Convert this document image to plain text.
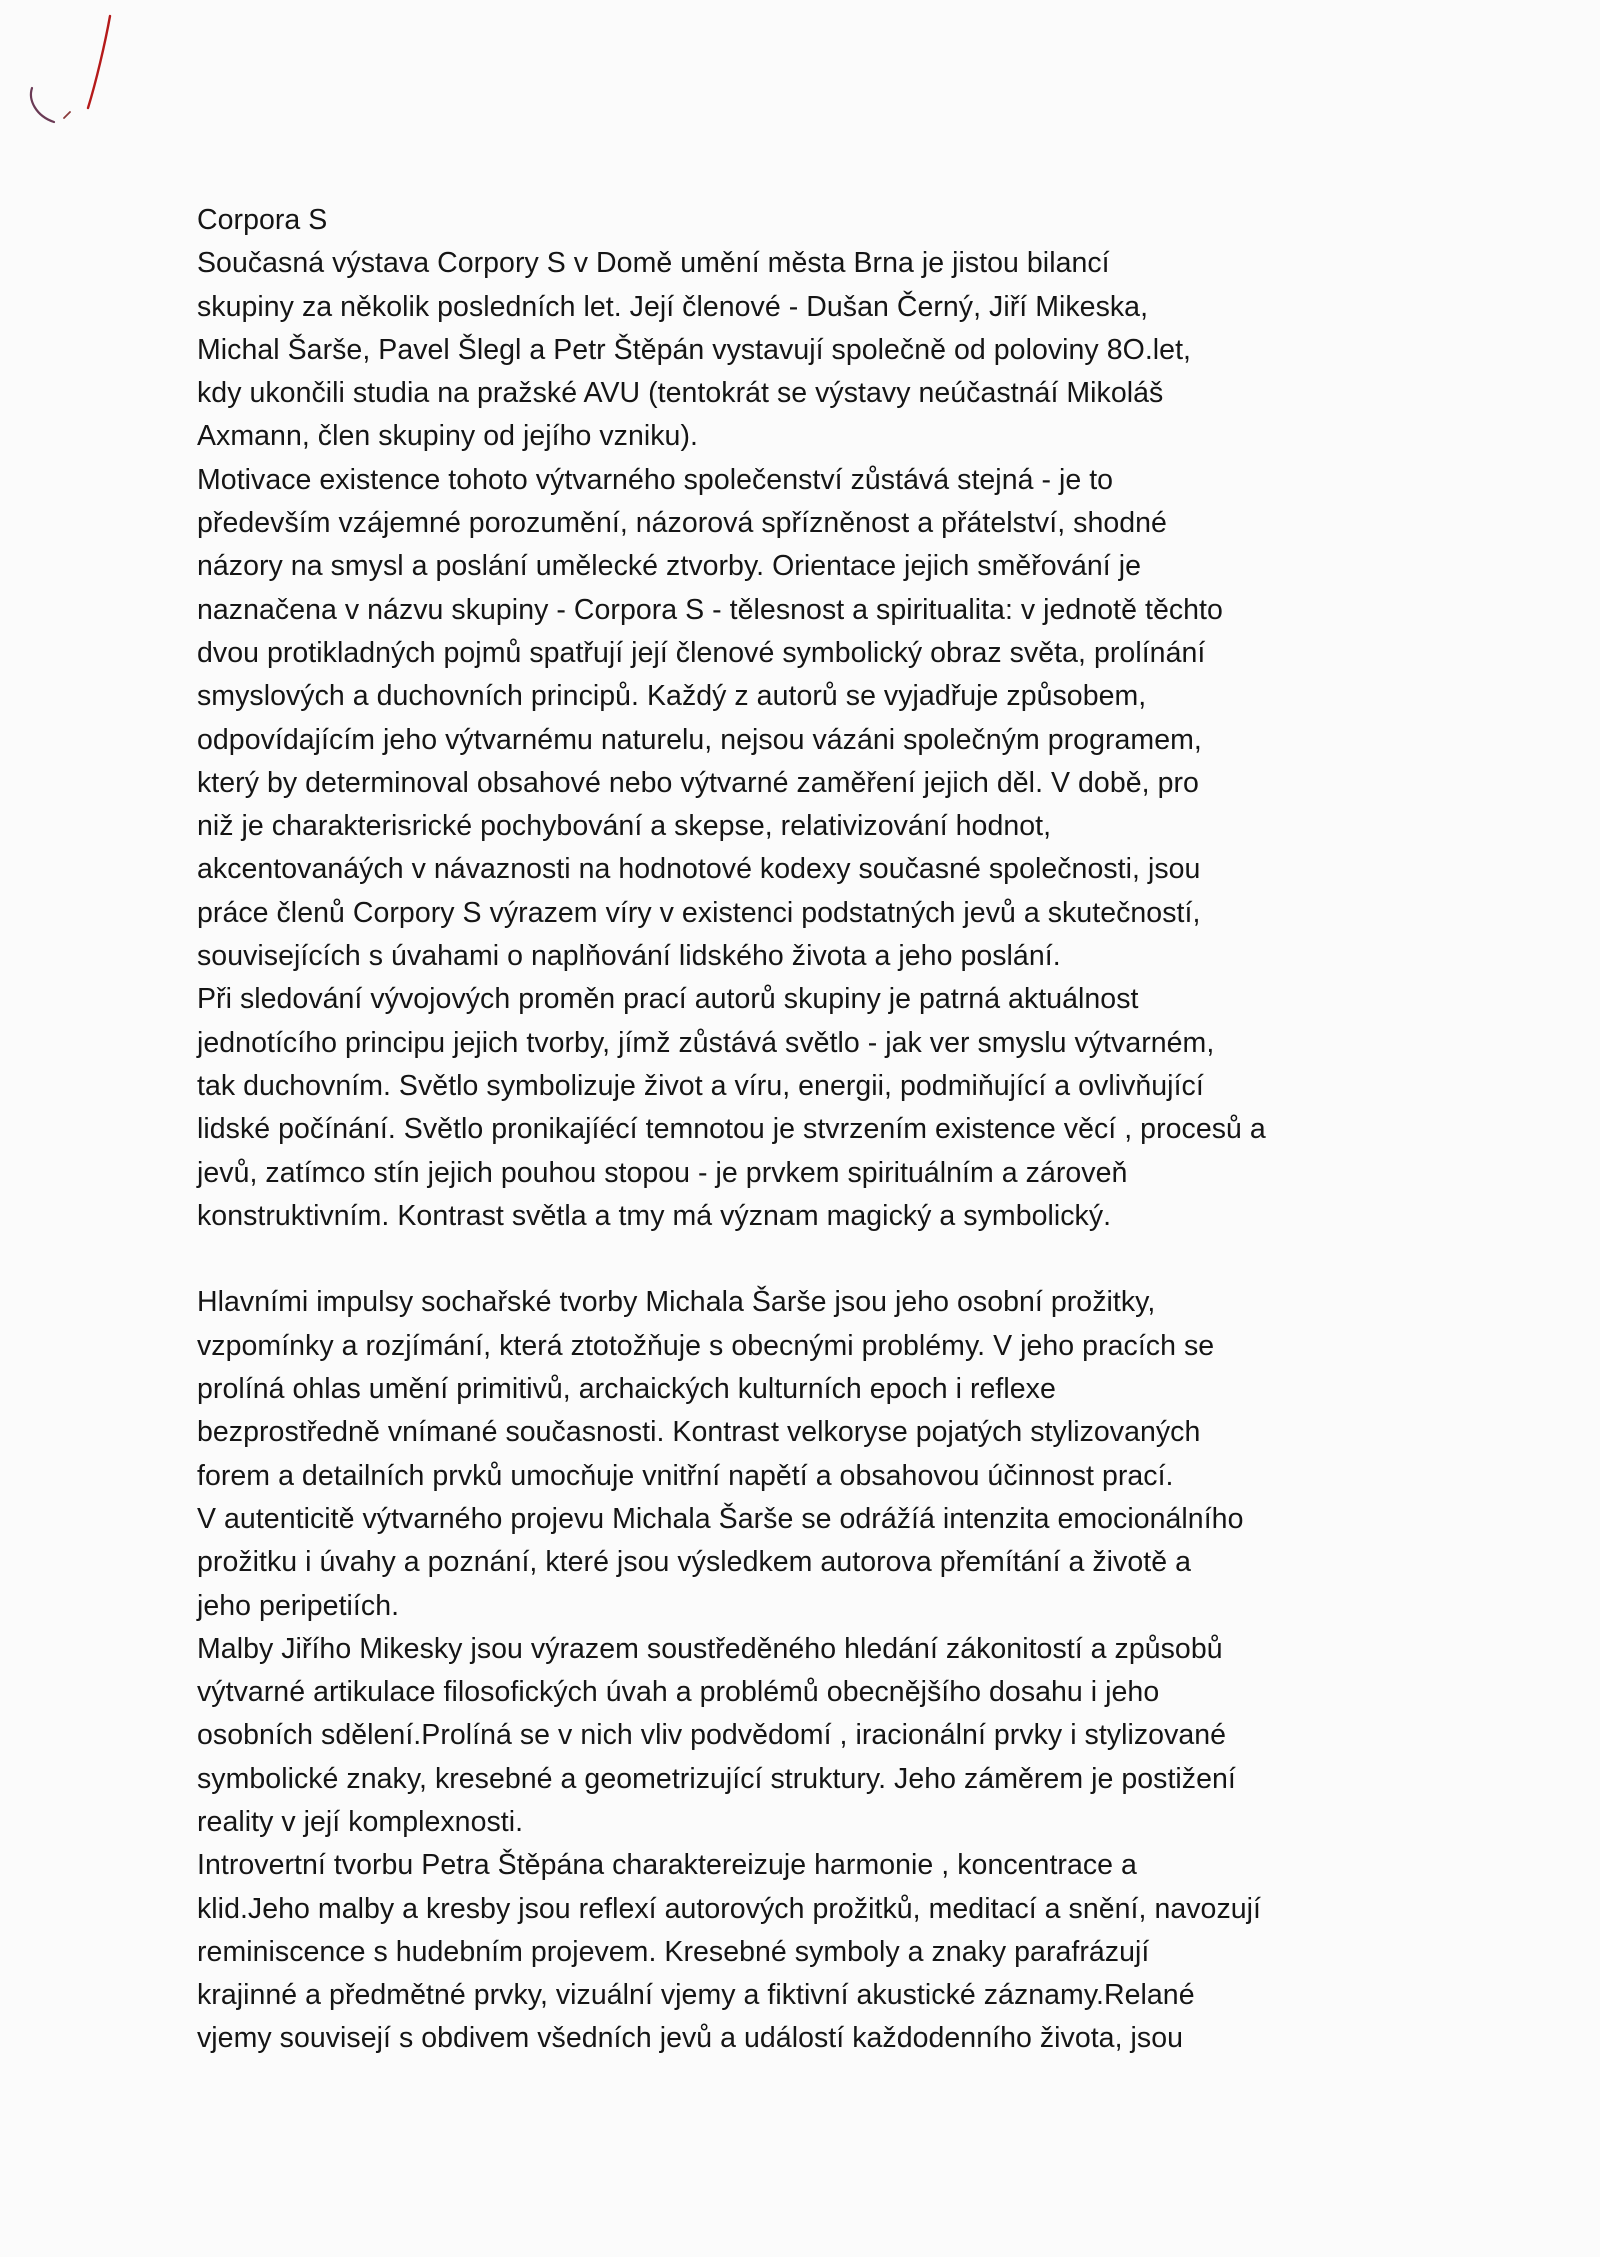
Corpora S
Současná výstava Corpory S v Domě umění města Brna je jistou bilancí
skupiny za několik posledních let. Její členové - Dušan Černý, Jiří Mikeska,
Michal Šarše, Pavel Šlegl a Petr Štěpán vystavují společně od poloviny 8O.let,
kdy ukončili studia na pražské AVU (tentokrát se výstavy neúčastnáí Mikoláš
Axmann, člen skupiny od jejího vzniku).
Motivace existence tohoto výtvarného společenství zůstává stejná - je to
především vzájemné porozumění, názorová spřízněnost a přátelství, shodné
názory na smysl a poslání umělecké ztvorby. Orientace jejich směřování je
naznačena v názvu skupiny - Corpora S - tělesnost a spiritualita: v jednotě těchto
dvou protikladných pojmů spatřují její členové symbolický obraz světa, prolínání
smyslových a duchovních principů. Každý z autorů se vyjadřuje způsobem,
odpovídajícím jeho výtvarnému naturelu, nejsou vázáni společným programem,
který by determinoval obsahové nebo výtvarné zaměření jejich děl. V době, pro
niž je charakterisrické pochybování a skepse, relativizování hodnot,
akcentovanáých v návaznosti na hodnotové kodexy současné společnosti, jsou
práce členů Corpory S výrazem víry v existenci podstatných jevů a skutečností,
souvisejících s úvahami o naplňování lidského života a jeho poslání.
Při sledování vývojových proměn prací autorů skupiny je patrná aktuálnost
jednotícího principu jejich tvorby, jímž zůstává světlo - jak ver smyslu výtvarném,
tak duchovním. Světlo symbolizuje život a víru, energii, podmiňující a ovlivňující
lidské počínání. Světlo pronikajíécí temnotou je stvrzením existence věcí , procesů a
jevů, zatímco stín jejich pouhou stopou - je prvkem spirituálním a zároveň
konstruktivním. Kontrast světla a tmy má význam magický a symbolický.
Hlavními impulsy sochařské tvorby Michala Šarše jsou jeho osobní prožitky,
vzpomínky a rozjímání, která ztotožňuje s obecnými problémy. V jeho pracích se
prolíná ohlas umění primitivů, archaických kulturních epoch i reflexe
bezprostředně vnímané současnosti. Kontrast velkoryse pojatých stylizovaných
forem a detailních prvků umocňuje vnitřní napětí a obsahovou účinnost prací.
V autenticitě výtvarného projevu Michala Šarše se odrážíá intenzita emocionálního
prožitku i úvahy a poznání, které jsou výsledkem autorova přemítání a životě a
jeho peripetiích.
Malby Jiřího Mikesky jsou výrazem soustředěného hledání zákonitostí a způsobů
výtvarné artikulace filosofických úvah a problémů obecnějšího dosahu i jeho
osobních sdělení.Prolíná se v nich vliv podvědomí , iracionální prvky i stylizované
symbolické znaky, kresebné a geometrizující struktury. Jeho záměrem je postižení
reality v její komplexnosti.
Introvertní tvorbu Petra Štěpána charaktereizuje harmonie , koncentrace a
klid.Jeho malby a kresby jsou reflexí autorových prožitků, meditací a snění, navozují
reminiscence s hudebním projevem. Kresebné symboly a znaky parafrázují
krajinné a předmětné prvky, vizuální vjemy a fiktivní akustické záznamy.Relané
vjemy souvisejí s obdivem všedních jevů a událostí každodenního života, jsou
